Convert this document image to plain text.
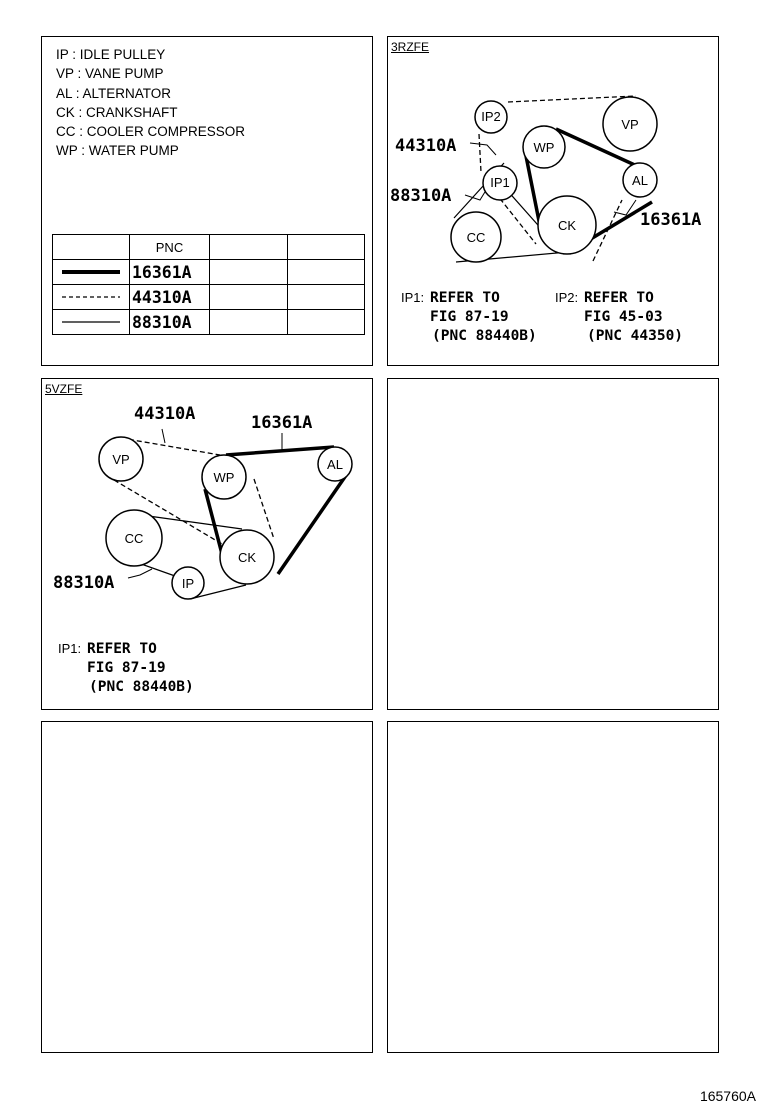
IP : IDLE PULLEY
VP : VANE PUMP
AL : ALTERNATOR
CK : CRANKSHAFT
CC : COOLER COMPRESSOR
WP : WATER PUMP
	PNC		

	16361A		

	44310A		

	88310A		
3RZFE
IP2
VP
WP
IP1	AL
CC
CK
44310A
88310A
16361A
IP1: REFER TO
FIG 87-19
(PNC 88440B)
IP2: REFER TO
FIG 45-03
(PNC 44350)
5VZFE
VP
WP
AL
CC
CK
IP
44310A	16361A
88310A
IP1: REFER TO
FIG 87-19
(PNC 88440B)
165760A
